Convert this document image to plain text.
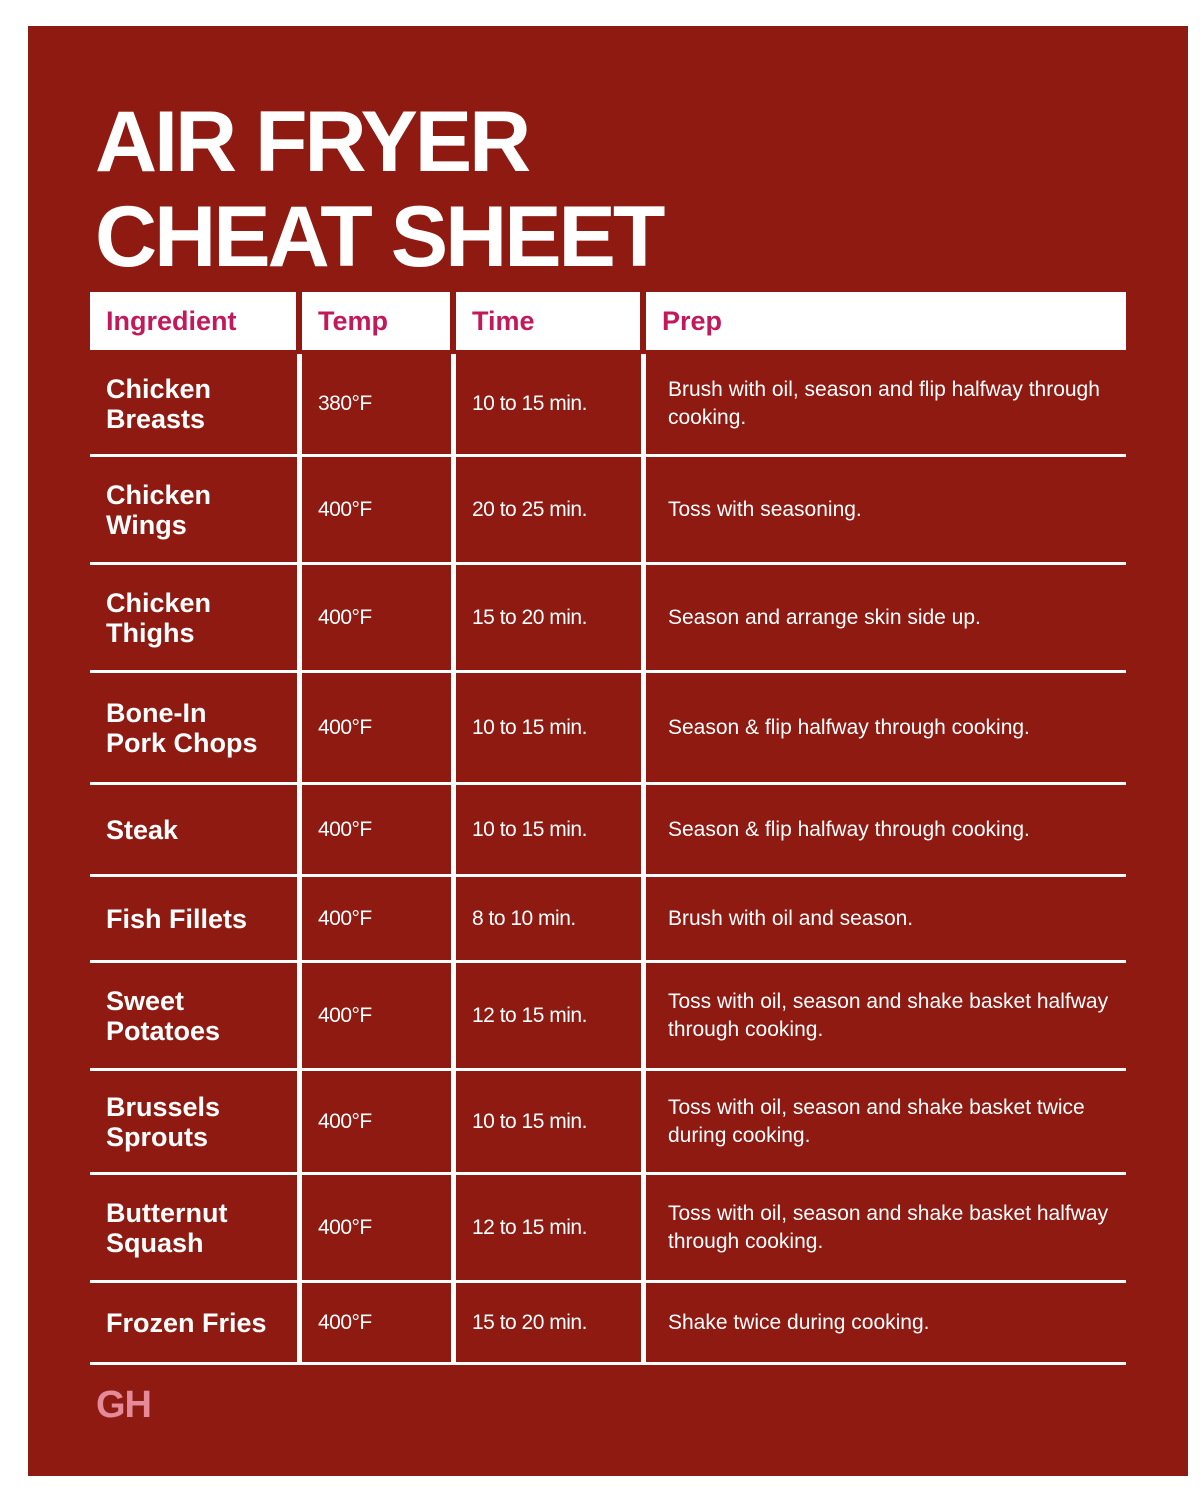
AIR FRYER
CHEAT SHEET
Ingredient	Temp	Time	Prep
Chicken
Breasts	380°F	10 to 15 min.	Brush with oil, season and flip halfway through cooking.
Chicken
Wings	400°F	20 to 25 min.	Toss with seasoning.
Chicken
Thighs	400°F	15 to 20 min.	Season and arrange skin side up.
Bone-In
Pork Chops	400°F	10 to 15 min.	Season & flip halfway through cooking.
Steak	400°F	10 to 15 min.	Season & flip halfway through cooking.
Fish Fillets	400°F	8 to 10 min.	Brush with oil and season.
Sweet
Potatoes	400°F	12 to 15 min.	Toss with oil, season and shake basket halfway through cooking.
Brussels
Sprouts	400°F	10 to 15 min.	Toss with oil, season and shake basket twice during cooking.
Butternut
Squash	400°F	12 to 15 min.	Toss with oil, season and shake basket halfway through cooking.
Frozen Fries	400°F	15 to 20 min.	Shake twice during cooking.
GH
